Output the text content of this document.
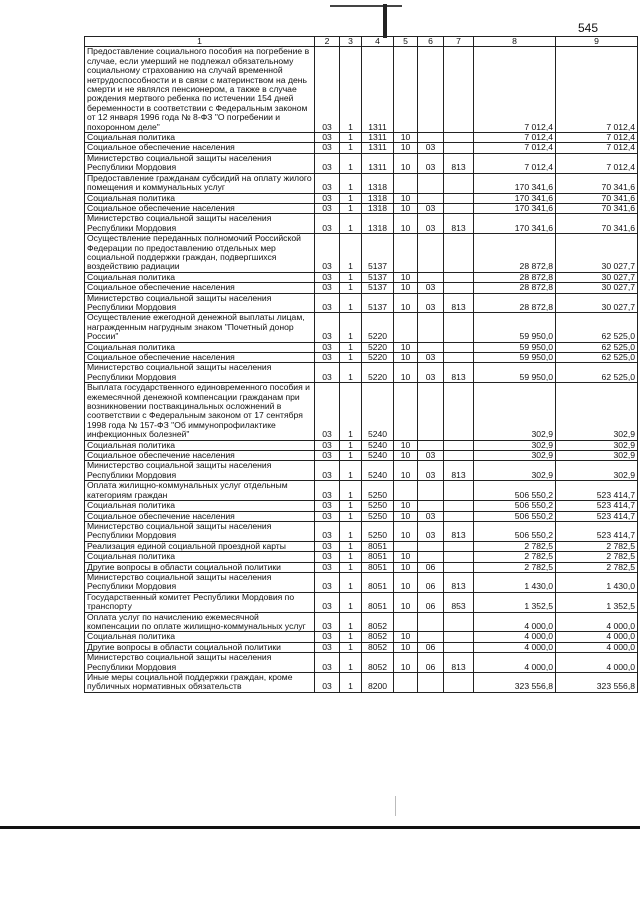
545
1	2	3	4	5	6	7	8	9
Предоставление социального пособия на погребение в случае, если умерший не подлежал обязательному социальному страхованию на случай временной нетрудоспособности и в связи с материнством на день смерти и не являлся пенсионером, а также в случае рождения мертвого ребенка по истечении 154 дней беременности в соответствии с Федеральным законом от 12 января 1996 года № 8-ФЗ "О погребении и похоронном деле"	03	1	1311				7 012,4	7 012,4
Социальная политика	03	1	1311	10			7 012,4	7 012,4
Социальное обеспечение населения	03	1	1311	10	03		7 012,4	7 012,4
Министерство социальной защиты населения Республики Мордовия	03	1	1311	10	03	813	7 012,4	7 012,4
Предоставление гражданам субсидий на оплату жилого помещения и коммунальных услуг	03	1	1318				170 341,6	70 341,6
Социальная политика	03	1	1318	10			170 341,6	70 341,6
Социальное обеспечение населения	03	1	1318	10	03		170 341,6	70 341,6
Министерство социальной защиты населения Республики Мордовия	03	1	1318	10	03	813	170 341,6	70 341,6
Осуществление переданных полномочий Российской Федерации по предоставлению отдельных мер социальной поддержки граждан, подвергшихся воздействию радиации	03	1	5137				28 872,8	30 027,7
Социальная политика	03	1	5137	10			28 872,8	30 027,7
Социальное обеспечение населения	03	1	5137	10	03		28 872,8	30 027,7
Министерство социальной защиты населения Республики Мордовия	03	1	5137	10	03	813	28 872,8	30 027,7
Осуществление ежегодной денежной выплаты лицам, награжденным нагрудным знаком "Почетный донор России"	03	1	5220				59 950,0	62 525,0
Социальная политика	03	1	5220	10			59 950,0	62 525,0
Социальное обеспечение населения	03	1	5220	10	03		59 950,0	62 525,0
Министерство социальной защиты населения Республики Мордовия	03	1	5220	10	03	813	59 950,0	62 525,0
Выплата государственного единовременного пособия и ежемесячной денежной компенсации гражданам при возникновении поствакцинальных осложнений в соответствии с Федеральным законом от 17 сентября 1998 года № 157-ФЗ "Об иммунопрофилактике инфекционных болезней"	03	1	5240				302,9	302,9
Социальная политика	03	1	5240	10			302,9	302,9
Социальное обеспечение населения	03	1	5240	10	03		302,9	302,9
Министерство социальной защиты населения Республики Мордовия	03	1	5240	10	03	813	302,9	302,9
Оплата жилищно-коммунальных услуг отдельным категориям граждан	03	1	5250				506 550,2	523 414,7
Социальная политика	03	1	5250	10			506 550,2	523 414,7
Социальное обеспечение населения	03	1	5250	10	03		506 550,2	523 414,7
Министерство социальной защиты населения Республики Мордовия	03	1	5250	10	03	813	506 550,2	523 414,7
Реализация единой социальной проездной карты	03	1	8051				2 782,5	2 782,5
Социальная политика	03	1	8051	10			2 782,5	2 782,5
Другие вопросы в области социальной политики	03	1	8051	10	06		2 782,5	2 782,5
Министерство социальной защиты населения Республики Мордовия	03	1	8051	10	06	813	1 430,0	1 430,0
Государственный комитет Республики Мордовия по транспорту	03	1	8051	10	06	853	1 352,5	1 352,5
Оплата услуг по начислению ежемесячной компенсации по оплате жилищно-коммунальных услуг	03	1	8052				4 000,0	4 000,0
Социальная политика	03	1	8052	10			4 000,0	4 000,0
Другие вопросы в области социальной политики	03	1	8052	10	06		4 000,0	4 000,0
Министерство социальной защиты населения Республики Мордовия	03	1	8052	10	06	813	4 000,0	4 000,0
Иные меры социальной поддержки граждан, кроме публичных нормативных обязательств	03	1	8200				323 556,8	323 556,8
